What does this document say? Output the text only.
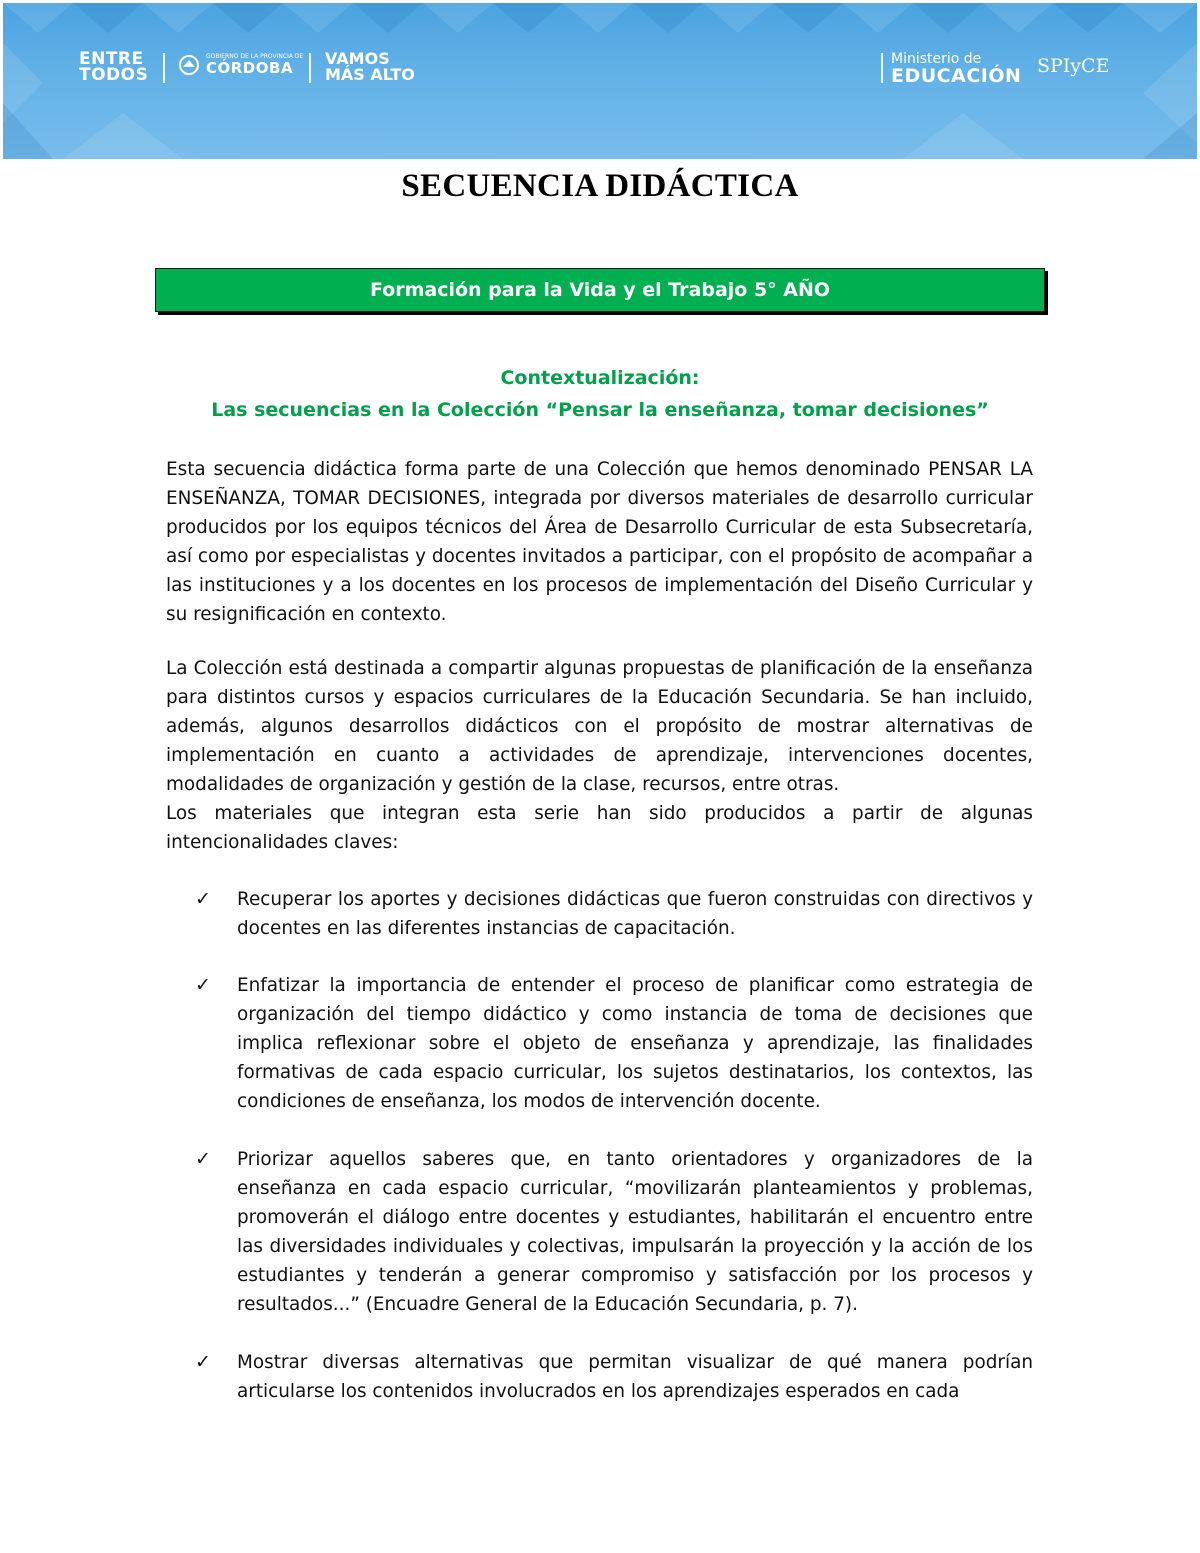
ENTRE
TODOS
GOBIERNO DE LA PROVINCIA DE
CÓRDOBA	VAMOS
MÁS ALTO
Ministerio de
EDUCACIÓN SPIyCE
SECUENCIA DIDÁCTICA
Formación para la Vida y el Trabajo 5° AÑO
Contextualización:
Las secuencias en la Colección “Pensar la enseñanza, tomar decisiones”
Esta secuencia didáctica forma parte de una Colección que hemos denominado PENSAR LA ENSEÑANZA, TOMAR DECISIONES, integrada por diversos materiales de desarrollo curricular producidos por los equipos técnicos del Área de Desarrollo Curricular de esta Subsecretaría, así como por especialistas y docentes invitados a participar, con el propósito de acompañar a las instituciones y a los docentes en los procesos de implementación del Diseño Curricular y su resignificación en contexto.
La Colección está destinada a compartir algunas propuestas de planificación de la enseñanza para distintos cursos y espacios curriculares de la Educación Secundaria. Se han incluido, además, algunos desarrollos didácticos con el propósito de mostrar alternativas de implementación en cuanto a actividades de aprendizaje, intervenciones docentes, modalidades de organización y gestión de la clase, recursos, entre otras.
Los materiales que integran esta serie han sido producidos a partir de algunas intencionalidades claves:
✓ Recuperar los aportes y decisiones didácticas que fueron construidas con directivos y docentes en las diferentes instancias de capacitación.
✓ Enfatizar la importancia de entender el proceso de planificar como estrategia de organización del tiempo didáctico y como instancia de toma de decisiones que implica reflexionar sobre el objeto de enseñanza y aprendizaje, las finalidades formativas de cada espacio curricular, los sujetos destinatarios, los contextos, las condiciones de enseñanza, los modos de intervención docente.
✓ Priorizar aquellos saberes que, en tanto orientadores y organizadores de la enseñanza en cada espacio curricular, “movilizarán planteamientos y problemas, promoverán el diálogo entre docentes y estudiantes, habilitarán el encuentro entre las diversidades individuales y colectivas, impulsarán la proyección y la acción de los estudiantes y tenderán a generar compromiso y satisfacción por los procesos y resultados...” (Encuadre General de la Educación Secundaria, p. 7).
✓ Mostrar diversas alternativas que permitan visualizar de qué manera podrían articularse los contenidos involucrados en los aprendizajes esperados en cada
